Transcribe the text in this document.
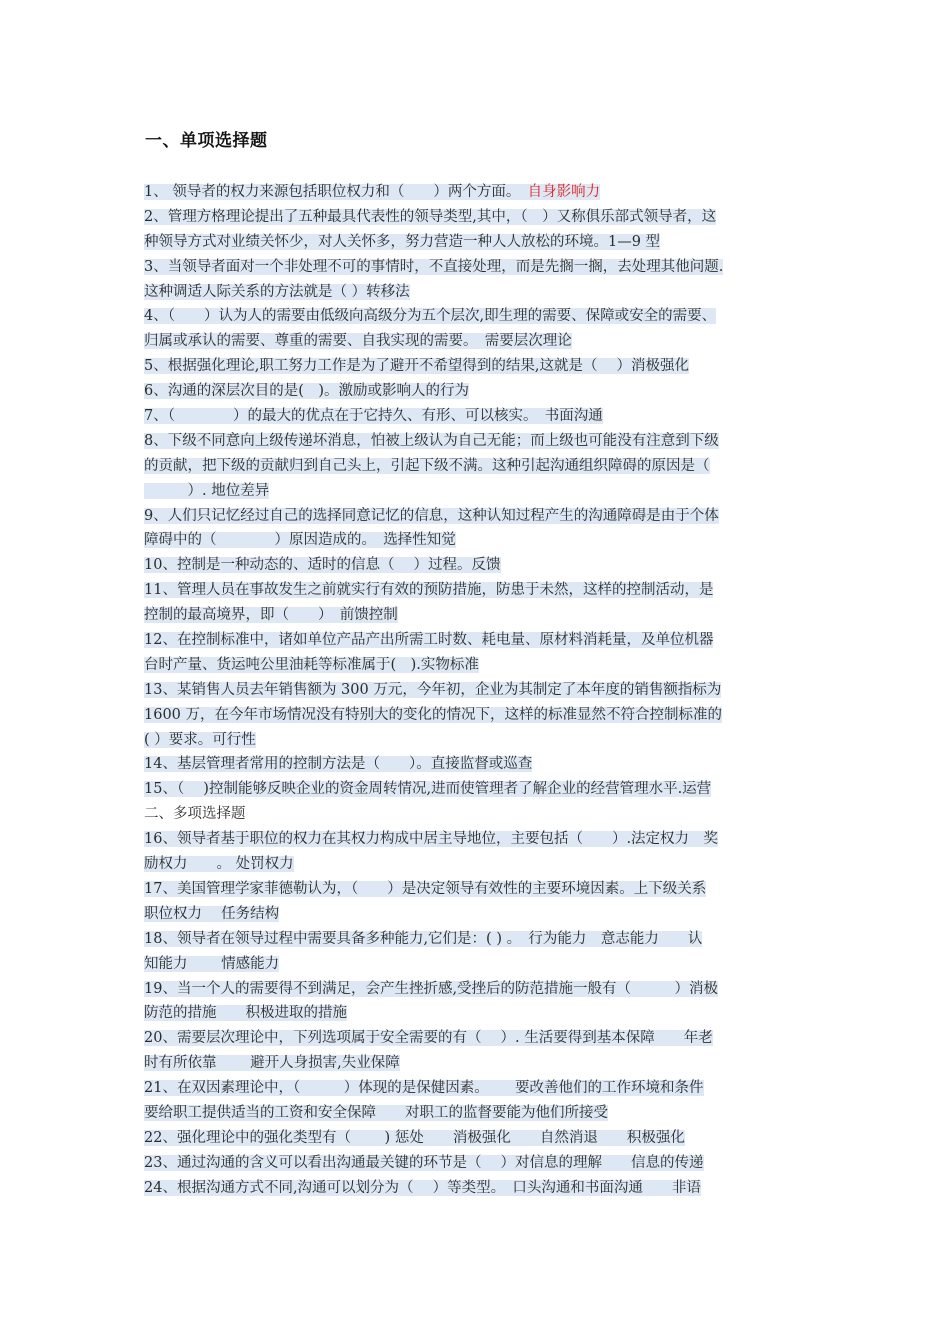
一、单项选择题
1、 领导者的权力来源包括职位权力和（　　）两个方面。　自身影响力
2、管理方格理论提出了五种最具代表性的领导类型,其中，（　）又称俱乐部式领导者，这
种领导方式对业绩关怀少，对人关怀多，努力营造一种人人放松的环境。1—9 型
3、当领导者面对一个非处理不可的事情时，不直接处理，而是先搁一搁，去处理其他问题.
这种调适人际关系的方法就是（ ）转移法
4、（　　）认为人的需要由低级向高级分为五个层次,即生理的需要、保障或安全的需要、
归属或承认的需要、尊重的需要、自我实现的需要。　需要层次理论
5、根据强化理论,职工努力工作是为了避开不希望得到的结果,这就是（　 ）消极强化
6、沟通的深层次目的是(　)。激励或影响人的行为
7、（　　　　）的最大的优点在于它持久、有形、可以核实。　书面沟通
8、下级不同意向上级传递坏消息，怕被上级认为自己无能；而上级也可能没有注意到下级
的贡献，把下级的贡献归到自己头上，引起下级不满。这种引起沟通组织障碍的原因是（
　　　）. 地位差异
9、人们只记忆经过自己的选择同意记忆的信息，这种认知过程产生的沟通障碍是由于个体
障碍中的（　　　　）原因造成的。　选择性知觉
10、控制是一种动态的、适时的信息（　 ）过程。反馈
11、管理人员在事故发生之前就实行有效的预防措施，防患于未然，这样的控制活动，是
控制的最高境界，即（　　）　前馈控制
12、在控制标准中，诸如单位产品产出所需工时数、耗电量、原材料消耗量，及单位机器
台时产量、货运吨公里油耗等标准属于(　).实物标准
13、某销售人员去年销售额为 300 万元，今年初，企业为其制定了本年度的销售额指标为
1600 万，在今年市场情况没有特别大的变化的情况下，这样的标准显然不符合控制标准的
( ）要求。可行性
14、基层管理者常用的控制方法是（　　）。直接监督或巡查
15、（　 )控制能够反映企业的资金周转情况,进而使管理者了解企业的经营管理水平.运营
二、多项选择题
16、领导者基于职位的权力在其权力构成中居主导地位，主要包括（　　）.法定权力　奖
励权力　　。 处罚权力
17、美国管理学家菲德勒认为，（　　）是决定领导有效性的主要环境因素。上下级关系
职位权力　 任务结构
18、领导者在领导过程中需要具备多种能力,它们是：( ) 。　行为能力　意志能力　　认
知能力　　 情感能力
19、当一个人的需要得不到满足，会产生挫折感,受挫后的防范措施一般有（　　　）消极
防范的措施　　积极进取的措施
20、需要层次理论中，下列选项属于安全需要的有（　 ）. 生活要得到基本保障　　年老
时有所依靠　　 避开人身损害,失业保障
21、在双因素理论中，（　　　）体现的是保健因素。　　 要改善他们的工作环境和条件
要给职工提供适当的工资和安全保障　　对职工的监督要能为他们所接受
22、强化理论中的强化类型有（　　 ) 惩处　　消极强化　　自然消退　　积极强化
23、通过沟通的含义可以看出沟通最关键的环节是（　 ）对信息的理解　　信息的传递
24、根据沟通方式不同,沟通可以划分为（　 ）等类型。　口头沟通和书面沟通　　非语
